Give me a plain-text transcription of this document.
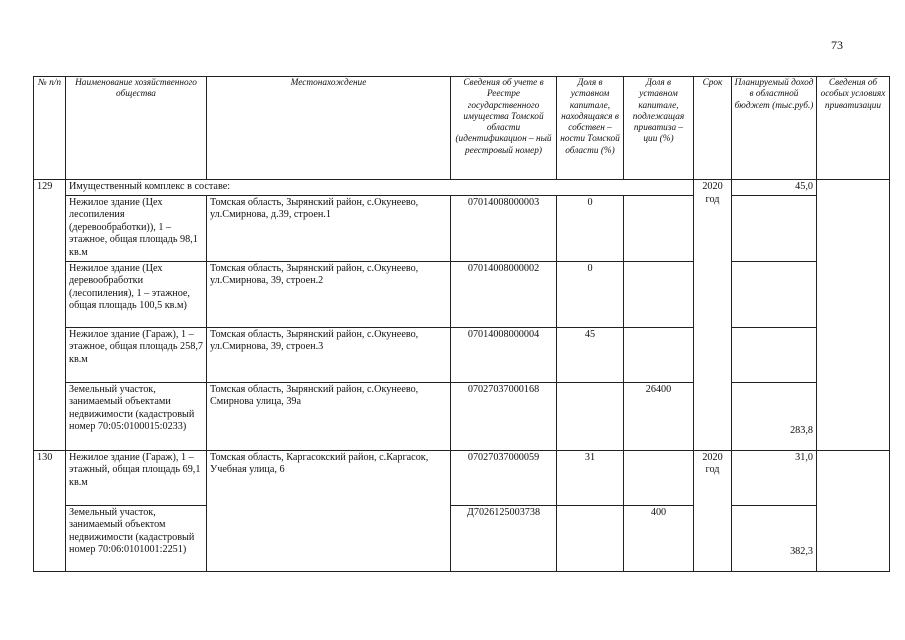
73
№ п/п	Наименование хозяйственного общества	Местонахождение	Сведения об учете в Реестре государственного имущества Томской области (идентификацион – ный реестровый номер)	Доля в уставном капитале, находящаяся в собствен – ности Томской области (%)	Доля в уставном капитале, подлежащая приватиза – ции (%)	Срок	Планируемый доход в областной бюджет (тыс.руб.)	Сведения об особых условиях приватизации
129	Имущественный комплекс в составе:					2020 год	45,0	
	Нежилое здание (Цех лесопиления (деревообработки)), 1 – этажное, общая площадь 98,1 кв.м	Томская область, Зырянский район, с.Окунеево, ул.Смирнова, д.39, строен.1	07014008000003	0				
	Нежилое здание (Цех деревообработки (лесопиления), 1 – этажное, общая площадь 100,5 кв.м)	Томская область, Зырянский район, с.Окунеево, ул.Смирнова, 39, строен.2	07014008000002	0				
	Нежилое здание (Гараж), 1 – этажное, общая площадь 258,7 кв.м	Томская область, Зырянский район, с.Окунеево, ул.Смирнова, 39, строен.3	07014008000004	45				
	Земельный участок, занимаемый объектами недвижимости (кадастровый номер 70:05:0100015:0233)	Томская область, Зырянский район, с.Окунеево, Смирнова улица, 39а	07027037000168		26400		283,8	
130	Нежилое здание (Гараж), 1 – этажный, общая площадь 69,1 кв.м	Томская область, Каргасокский район, с.Каргасок, Учебная улица, 6	07027037000059	31		2020 год	31,0	
	Земельный участок, занимаемый объектом недвижимости (кадастровый номер 70:06:0101001:2251)		Д7026125003738		400		382,3	
